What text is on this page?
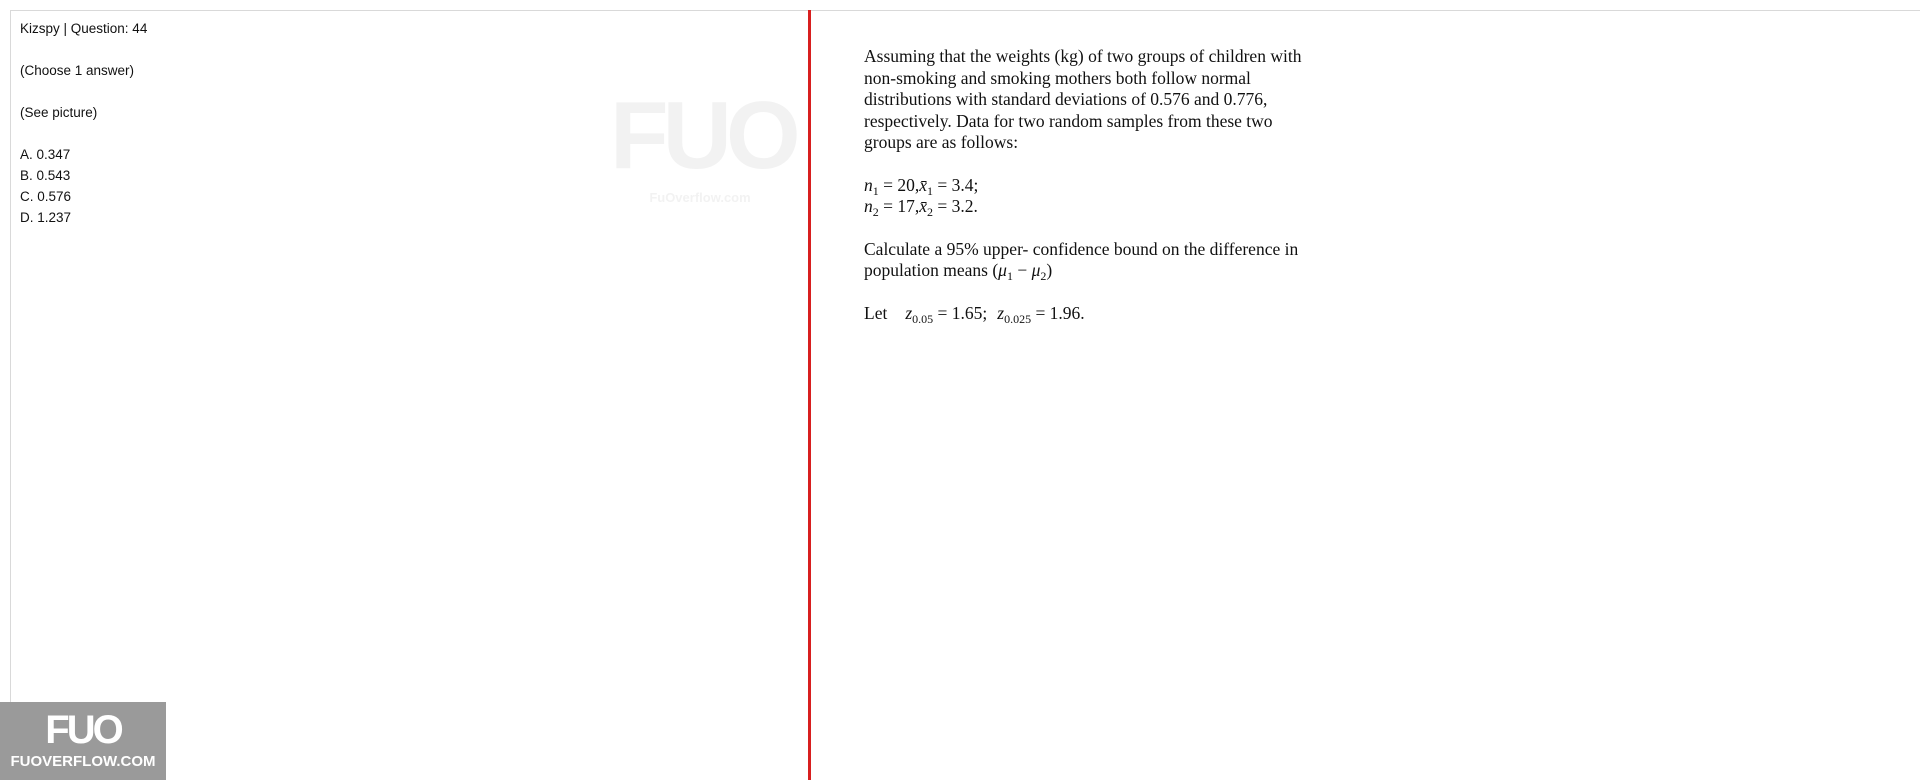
Kizspy | Question: 44
(Choose 1 answer)
(See picture)
A. 0.347
B. 0.543
C. 0.576
D. 1.237
FUO
FuOverflow.com

Assuming that the weights (kg) of two groups of children with

non-smoking and smoking mothers both follow normal

distributions with standard deviations of 0.576 and 0.776,

respectively. Data for two random samples from these two

groups are as follows:

$n_1$ = $20,x̄_1 = 3.4$;

$n_2$ = $17,x̄_2 = 3.2$.

Calculate a 95% upper- confidence bound on the difference in

population means $(\mu_1 - \mu_2)$

Let $z_{0.05} = 1.65$; $z_{0.025} = 1.96$.

FUO
FUOVERFLOW.COM
